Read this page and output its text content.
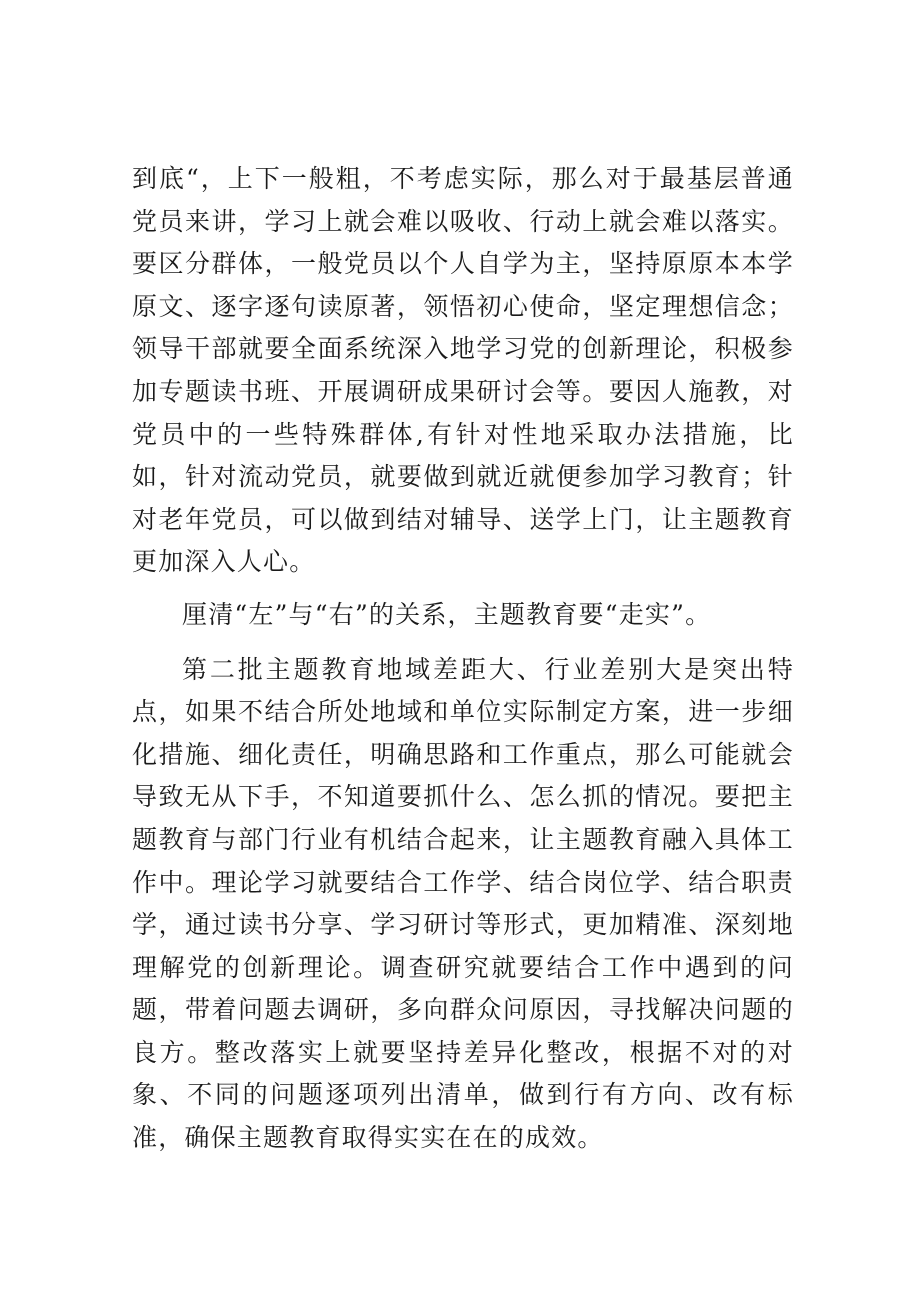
到底“，上下一般粗，不考虑实际，那么对于最基层普通党员来讲，学习上就会难以吸收、行动上就会难以落实。要区分群体，一般党员以个人自学为主，坚持原原本本学原文、逐字逐句读原著，领悟初心使命，坚定理想信念；领导干部就要全面系统深入地学习党的创新理论，积极参加专题读书班、开展调研成果研讨会等。要因人施教，对党员中的一些特殊群体,有针对性地采取办法措施，比如，针对流动党员，就要做到就近就便参加学习教育；针对老年党员，可以做到结对辅导、送学上门，让主题教育更加深入人心。

厘清“左”与“右”的关系，主题教育要“走实”。

第二批主题教育地域差距大、行业差别大是突出特点，如果不结合所处地域和单位实际制定方案，进一步细化措施、细化责任，明确思路和工作重点，那么可能就会导致无从下手，不知道要抓什么、怎么抓的情况。要把主题教育与部门行业有机结合起来，让主题教育融入具体工作中。理论学习就要结合工作学、结合岗位学、结合职责学，通过读书分享、学习研讨等形式，更加精准、深刻地理解党的创新理论。调查研究就要结合工作中遇到的问题，带着问题去调研，多向群众问原因，寻找解决问题的良方。整改落实上就要坚持差异化整改，根据不对的对象、不同的问题逐项列出清单，做到行有方向、改有标准，确保主题教育取得实实在在的成效。
